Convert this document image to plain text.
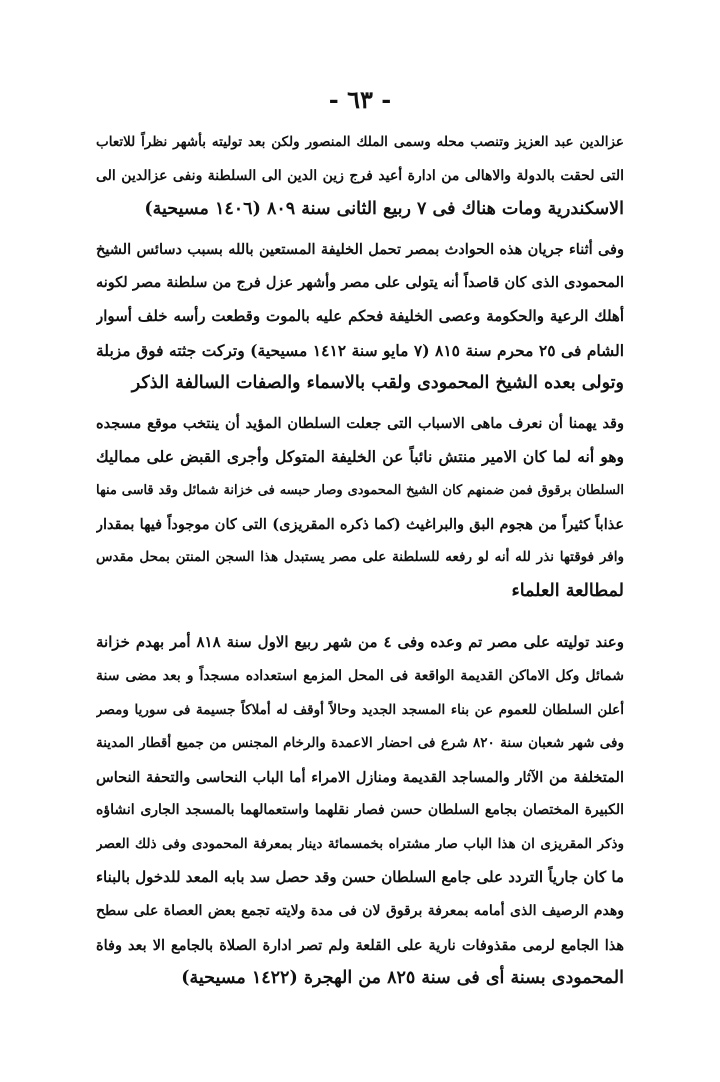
- ٦٣ -
عزالدين عبد العزيز وتنصب محله وسمى الملك المنصور ولكن بعد توليته بأشهر نظراً للاتعاب
التى لحقت بالدولة والاهالى من ادارة أعيد فرج زين الدين الى السلطنة ونفى عزالدين الى
الاسكندرية ومات هناك فى ٧ ربيع الثانى سنة ٨٠٩ (١٤٠٦ مسيحية)
وفى أثناء جريان هذه الحوادث بمصر تحمل الخليفة المستعين بالله بسبب دسائس الشيخ
المحمودى الذى كان قاصداً أنه يتولى على مصر وأشهر عزل فرج من سلطنة مصر لكونه
أهلك الرعية والحكومة وعصى الخليفة فحكم عليه بالموت وقطعت رأسه خلف أسوار
الشام فى ٢٥ محرم سنة ٨١٥ (٧ مايو سنة ١٤١٢ مسيحية) وتركت جثته فوق مزبلة
وتولى بعده الشيخ المحمودى ولقب بالاسماء والصفات السالفة الذكر
وقد يهمنا أن نعرف ماهى الاسباب التى جعلت السلطان المؤيد أن ينتخب موقع مسجده
وهو أنه لما كان الامير منتش نائباً عن الخليفة المتوكل وأجرى القبض على مماليك
السلطان برقوق فمن ضمنهم كان الشيخ المحمودى وصار حبسه فى خزانة شمائل وقد قاسى منها
عذاباً كثيراً من هجوم البق والبراغيث (كما ذكره المقريزى) التى كان موجوداً فيها بمقدار
وافر فوقتها نذر لله أنه لو رفعه للسلطنة على مصر يستبدل هذا السجن المنتن بمحل مقدس
لمطالعة العلماء
وعند توليته على مصر تم وعده وفى ٤ من شهر ربيع الاول سنة ٨١٨ أمر بهدم خزانة
شمائل وكل الاماكن القديمة الواقعة فى المحل المزمع استعداده مسجداً و بعد مضى سنة
أعلن السلطان للعموم عن بناء المسجد الجديد وحالاً أوقف له أملاكاً جسيمة فى سوريا ومصر
وفى شهر شعبان سنة ٨٢٠ شرع فى احضار الاعمدة والرخام المجنس من جميع أقطار المدينة
المتخلفة من الآثار والمساجد القديمة ومنازل الامراء أما الباب النحاسى والتحفة النحاس
الكبيرة المختصان بجامع السلطان حسن فصار نقلهما واستعمالهما بالمسجد الجارى انشاؤه
وذكر المقريزى ان هذا الباب صار مشتراه بخمسمائة دينار بمعرفة المحمودى وفى ذلك العصر
ما كان جارياً التردد على جامع السلطان حسن وقد حصل سد بابه المعد للدخول بالبناء
وهدم الرصيف الذى أمامه بمعرفة برقوق لان فى مدة ولايته تجمع بعض العصاة على سطح
هذا الجامع لرمى مقذوفات نارية على القلعة ولم تصر ادارة الصلاة بالجامع الا بعد وفاة
المحمودى بسنة أى فى سنة ٨٢٥ من الهجرة (١٤٢٢ مسيحية)
